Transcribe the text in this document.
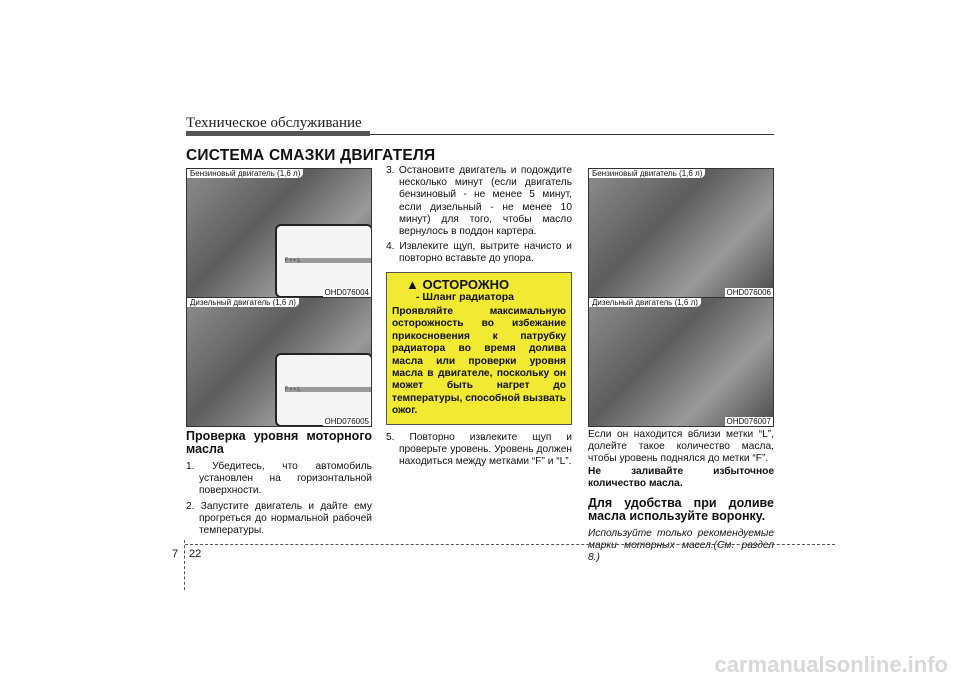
Техническое обслуживание
СИСТЕМА СМАЗКИ ДВИГАТЕЛЯ
Бензиновый двигатель (1,6 л)
F • • L
OHD076004
Дизельный двигатель (1,6 л)
F • • L
OHD076005
Проверка уровня моторного масла
1. Убедитесь, что автомобиль установлен на горизонтальной поверхности.
2. Запустите двигатель и дайте ему прогреться до нормальной рабочей температуры.
3. Остановите двигатель и подождите несколько минут (если двигатель бензиновый - не менее 5 минут, если дизельный - не менее 10 минут) для того, чтобы масло вернулось в поддон картера.
4. Извлеките щуп, вытрите начисто и повторно вставьте до упора.
▲ ОСТОРОЖНО
- Шланг радиатора
Проявляйте максимальную осторожность во избежание прикосновения к патрубку радиатора во время долива масла или проверки уровня масла в двигателе, поскольку он может быть нагрет до температуры, способной вызвать ожог.
5. Повторно извлеките щуп и проверьте уровень. Уровень должен находиться между метками “F” и “L”.
Бензиновый двигатель (1,6 л)
OHD076006
Дизельный двигатель (1,6 л)
OHD076007
Если он находится вблизи метки “L”, долейте такое количество масла, чтобы уровень поднялся до метки “F”.
Не заливайте избыточное количество масла.
Для удобства при доливе масла используйте воронку.
Используйте только рекомендуемые марки моторных масел.(См. раздел 8.)
7 22
carmanualsonline.info
